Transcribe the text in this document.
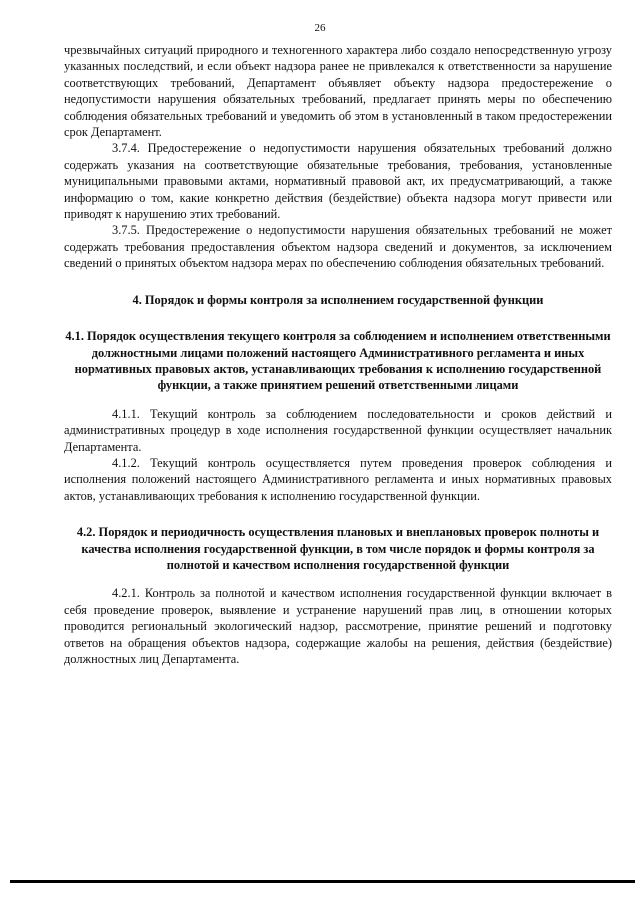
26

чрезвычайных ситуаций природного и техногенного характера либо создало непосредственную угрозу указанных последствий, и если объект надзора ранее не привлекался к ответственности за нарушение соответствующих требований, Департамент объявляет объекту надзора предостережение о недопустимости нарушения обязательных требований, предлагает принять меры по обеспечению соблюдения обязательных требований и уведомить об этом в установленный в таком предостережении срок Департамент.

3.7.4. Предостережение о недопустимости нарушения обязательных требований должно содержать указания на соответствующие обязательные требования, требования, установленные муниципальными правовыми актами, нормативный правовой акт, их предусматривающий, а также информацию о том, какие конкретно действия (бездействие) объекта надзора могут привести или приводят к нарушению этих требований.

3.7.5. Предостережение о недопустимости нарушения обязательных требований не может содержать требования предоставления объектом надзора сведений и документов, за исключением сведений о принятых объектом надзора мерах по обеспечению соблюдения обязательных требований.

4. Порядок и формы контроля за исполнением государственной функции

4.1. Порядок осуществления текущего контроля за соблюдением и исполнением ответственными должностными лицами положений настоящего Административного регламента и иных нормативных правовых актов, устанавливающих требования к исполнению государственной функции, а также принятием решений ответственными лицами

4.1.1. Текущий контроль за соблюдением последовательности и сроков действий и административных процедур в ходе исполнения государственной функции осуществляет начальник Департамента.

4.1.2. Текущий контроль осуществляется путем проведения проверок соблюдения и исполнения положений настоящего Административного регламента и иных нормативных правовых актов, устанавливающих требования к исполнению государственной функции.

4.2. Порядок и периодичность осуществления плановых и внеплановых проверок полноты и качества исполнения государственной функции, в том числе порядок и формы контроля за полнотой и качеством исполнения государственной функции

4.2.1. Контроль за полнотой и качеством исполнения государственной функции включает в себя проведение проверок, выявление и устранение нарушений прав лиц, в отношении которых проводится региональный экологический надзор, рассмотрение, принятие решений и подготовку ответов на обращения объектов надзора, содержащие жалобы на решения, действия (бездействие) должностных лиц Департамента.
